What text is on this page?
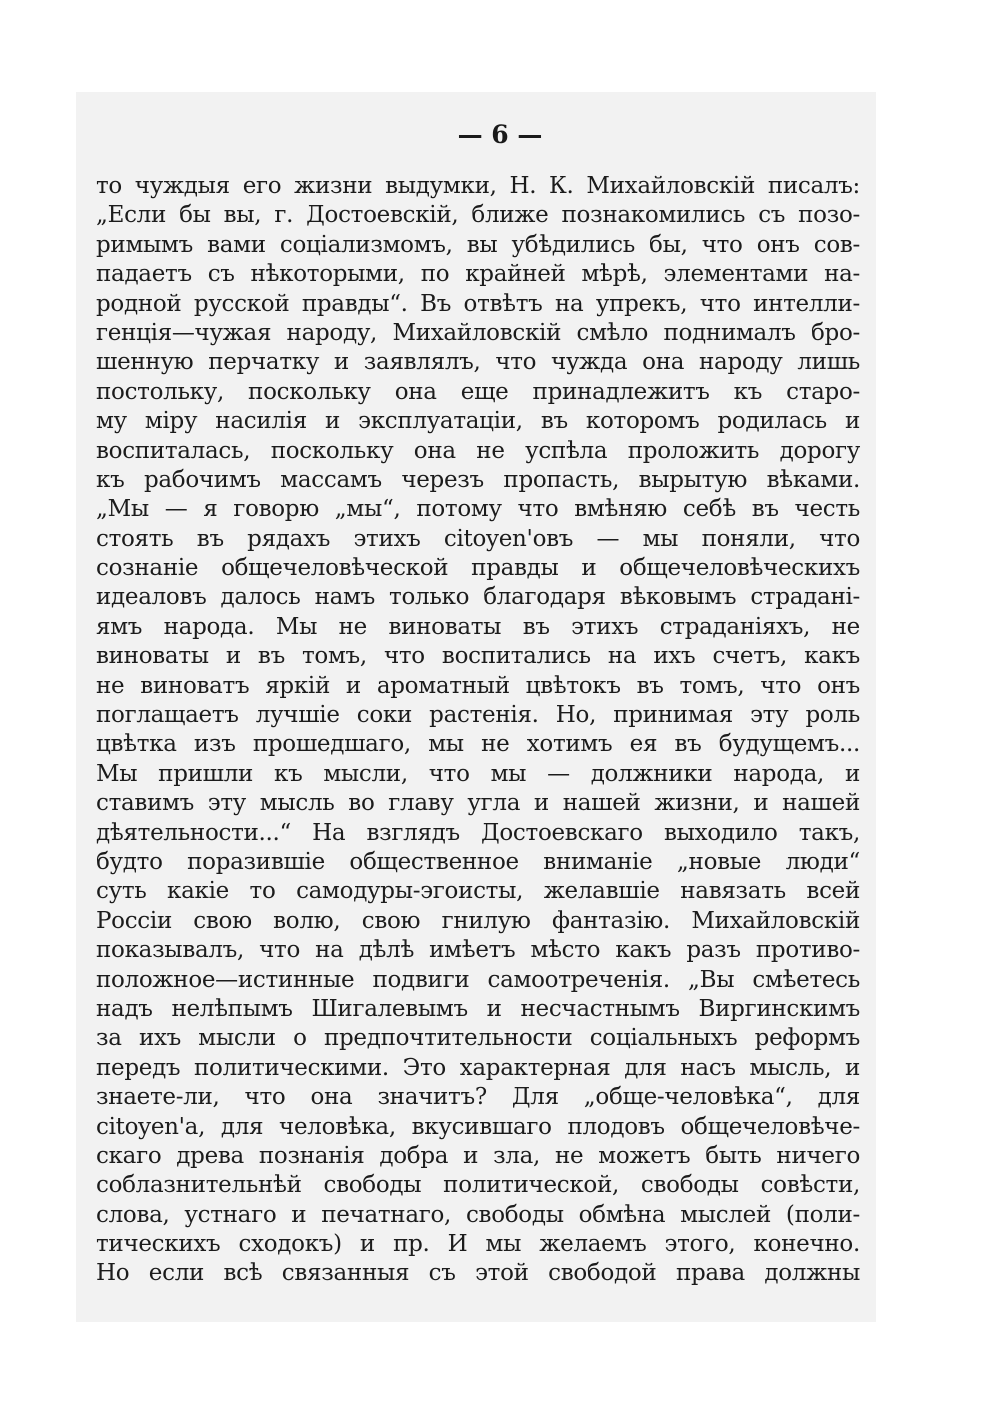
— 6 —
то чуждыя его жизни выдумки, Н. К. Михайловскій писалъ:
„Если бы вы, г. Достоевскій, ближе познакомились съ позо-
римымъ вами соціализмомъ, вы убѣдились бы, что онъ сов-
падаетъ съ нѣкоторыми, по крайней мѣрѣ, элементами на-
родной русской правды“. Въ отвѣтъ на упрекъ, что интелли-
генція—чужая народу, Михайловскій смѣло поднималъ бро-
шенную перчатку и заявлялъ, что чужда она народу лишь
постольку, поскольку она еще принадлежитъ къ старо-
му міру насилія и эксплуатаціи, въ которомъ родилась и
воспиталась, поскольку она не успѣла проложить дорогу
къ рабочимъ массамъ черезъ пропасть, вырытую вѣками.
„Мы — я говорю „мы“, потому что вмѣняю себѣ въ честь
стоять въ рядахъ этихъ citoyen'овъ — мы поняли, что
сознаніе общечеловѣческой правды и общечеловѣческихъ
идеаловъ далось намъ только благодаря вѣковымъ страдані-
ямъ народа. Мы не виноваты въ этихъ страданіяхъ, не
виноваты и въ томъ, что воспитались на ихъ счетъ, какъ
не виноватъ яркій и ароматный цвѣтокъ въ томъ, что онъ
поглащаетъ лучшіе соки растенія. Но, принимая эту роль
цвѣтка изъ прошедшаго, мы не хотимъ ея въ будущемъ...
Мы пришли къ мысли, что мы — должники народа, и
ставимъ эту мысль во главу угла и нашей жизни, и нашей
дѣятельности...“ На взглядъ Достоевскаго выходило такъ,
будто поразившіе общественное вниманіе „новые люди“
суть какіе то самодуры-эгоисты, желавшіе навязать всей
Россіи свою волю, свою гнилую фантазію. Михайловскій
показывалъ, что на дѣлѣ имѣетъ мѣсто какъ разъ противо-
положное—истинные подвиги самоотреченія. „Вы смѣетесь
надъ нелѣпымъ Шигалевымъ и несчастнымъ Виргинскимъ
за ихъ мысли о предпочтительности соціальныхъ реформъ
передъ политическими. Это характерная для насъ мысль, и
знаете-ли, что она значитъ? Для „обще-человѣка“, для
citoyen'а, для человѣка, вкусившаго плодовъ общечеловѣче-
скаго древа познанія добра и зла, не можетъ быть ничего
соблазнительнѣй свободы политической, свободы совѣсти,
слова, устнаго и печатнаго, свободы обмѣна мыслей (поли-
тическихъ сходокъ) и пр. И мы желаемъ этого, конечно.
Но если всѣ связанныя съ этой свободой права должны
